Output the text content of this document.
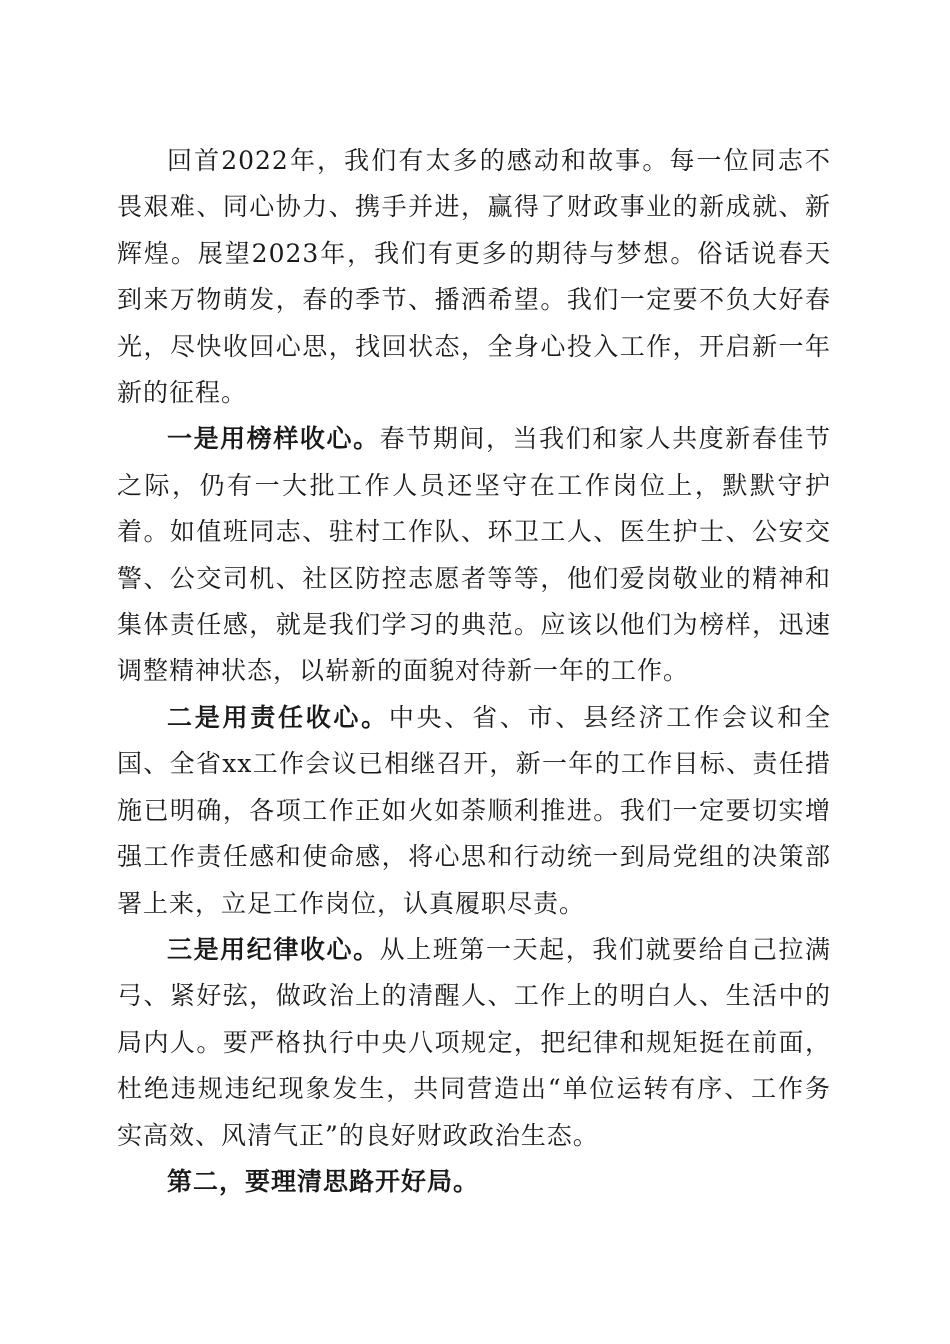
回首2022年，我们有太多的感动和故事。每一位同志不畏艰难、同心协力、携手并进，赢得了财政事业的新成就、新辉煌。展望2023年，我们有更多的期待与梦想。俗话说春天到来万物萌发，春的季节、播洒希望。我们一定要不负大好春光，尽快收回心思，找回状态，全身心投入工作，开启新一年新的征程。

一是用榜样收心。春节期间，当我们和家人共度新春佳节之际，仍有一大批工作人员还坚守在工作岗位上，默默守护着。如值班同志、驻村工作队、环卫工人、医生护士、公安交警、公交司机、社区防控志愿者等等，他们爱岗敬业的精神和集体责任感，就是我们学习的典范。应该以他们为榜样，迅速调整精神状态，以崭新的面貌对待新一年的工作。

二是用责任收心。中央、省、市、县经济工作会议和全国、全省xx工作会议已相继召开，新一年的工作目标、责任措施已明确，各项工作正如火如荼顺利推进。我们一定要切实增强工作责任感和使命感，将心思和行动统一到局党组的决策部署上来，立足工作岗位，认真履职尽责。

三是用纪律收心。从上班第一天起，我们就要给自己拉满弓、紧好弦，做政治上的清醒人、工作上的明白人、生活中的局内人。要严格执行中央八项规定，把纪律和规矩挺在前面，杜绝违规违纪现象发生，共同营造出“单位运转有序、工作务实高效、风清气正”的良好财政政治生态。

第二，要理清思路开好局。
